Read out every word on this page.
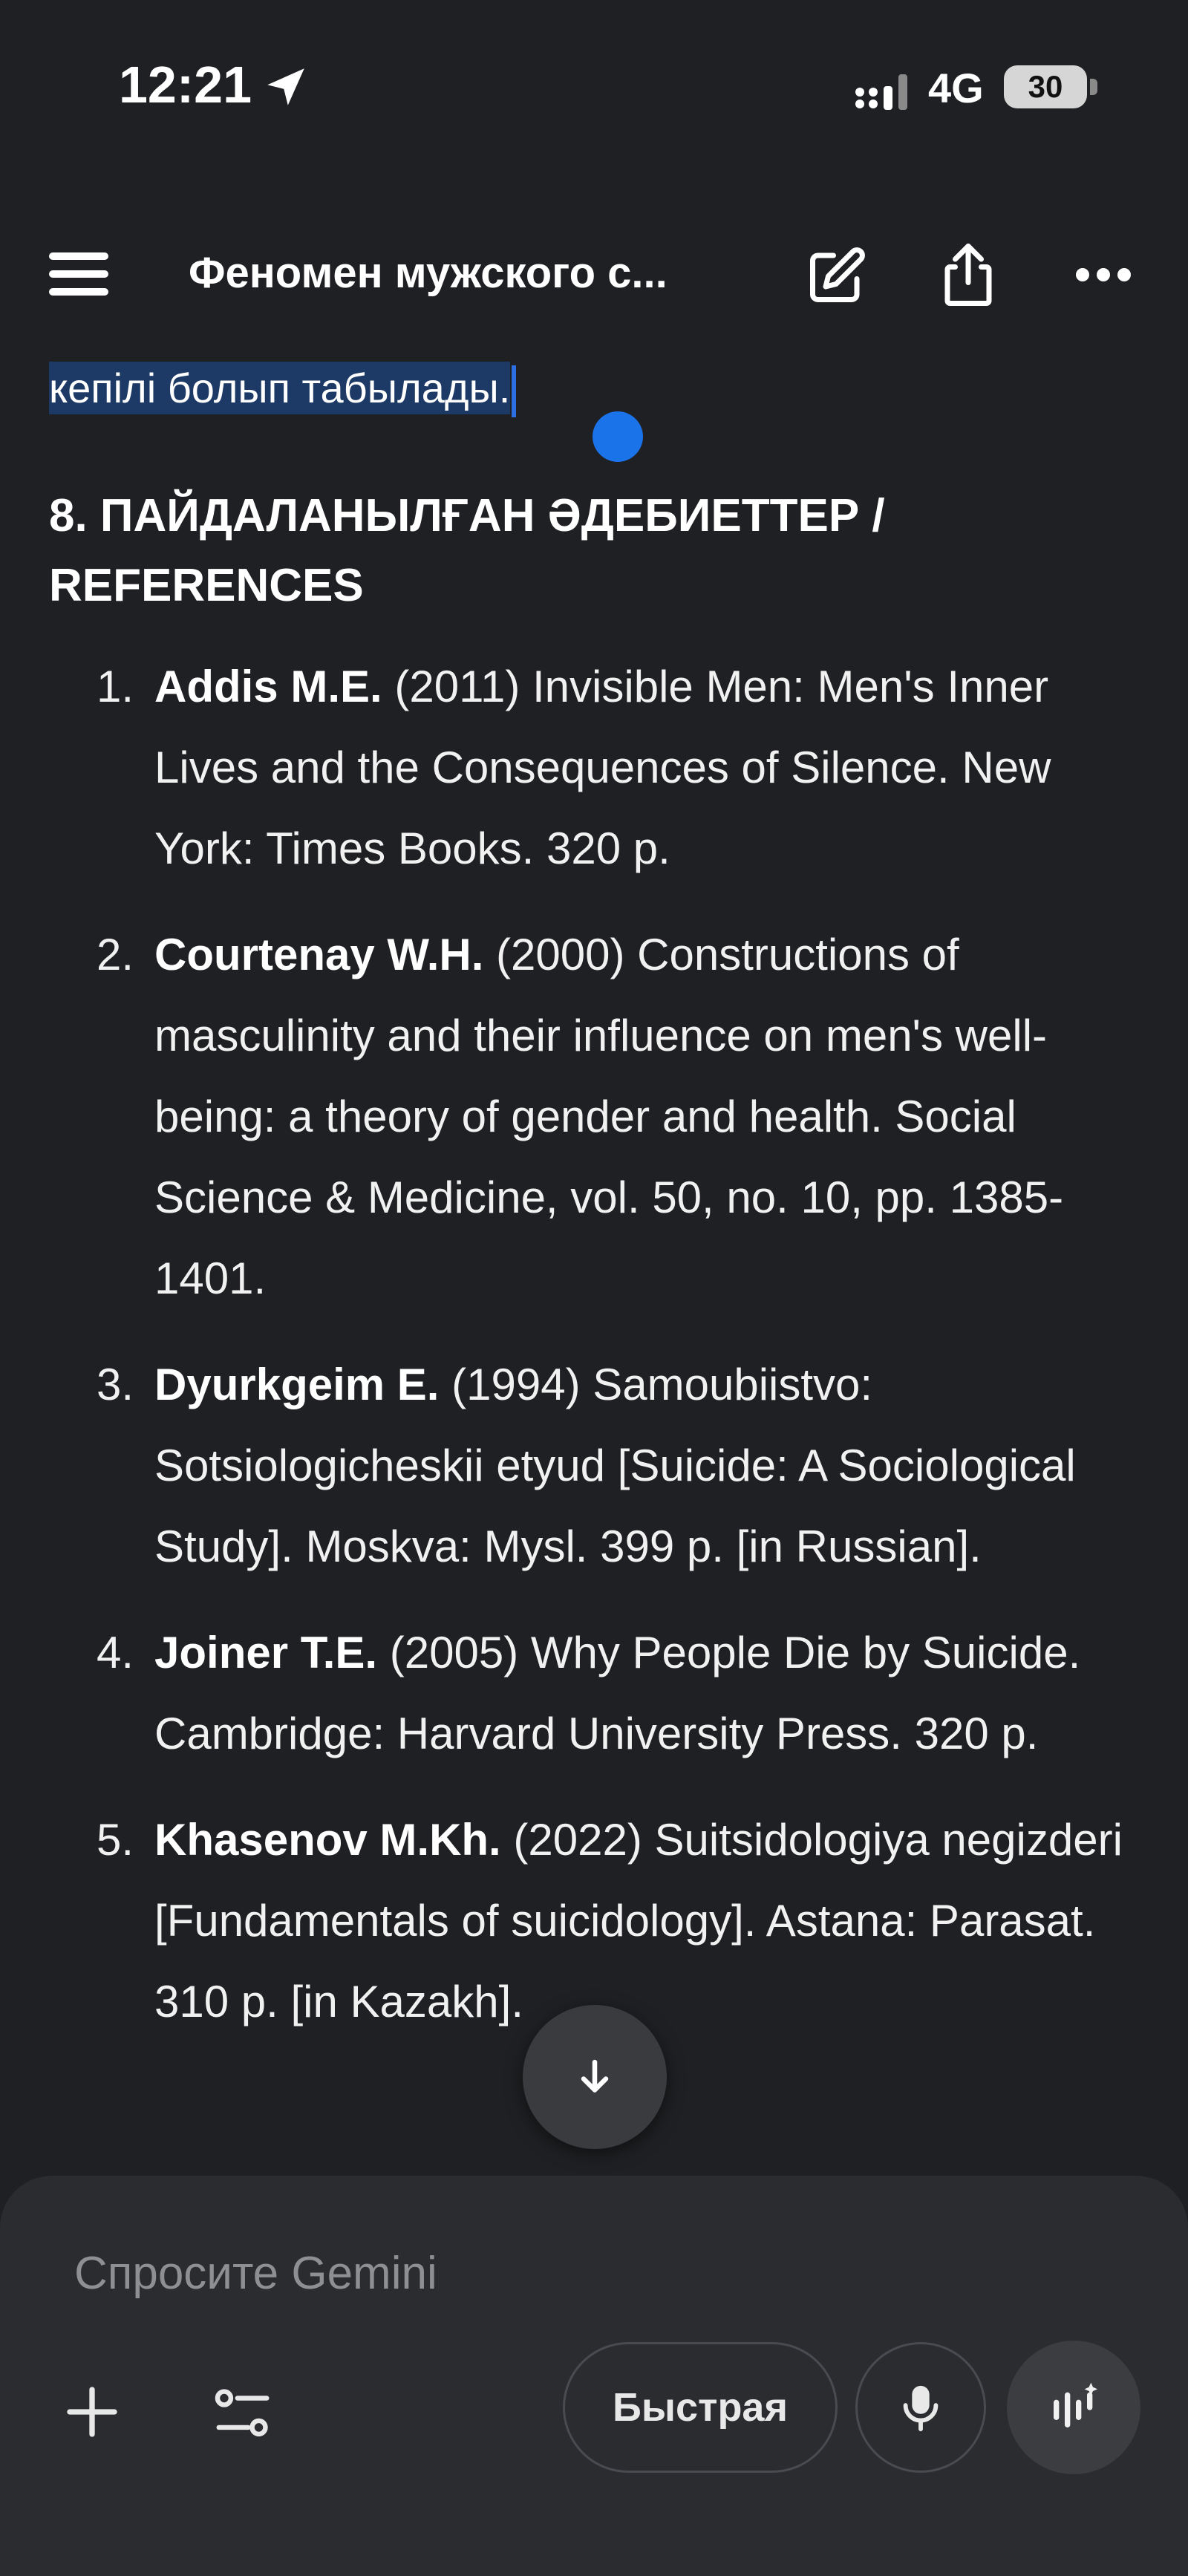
12:21	4G	30
Феномен мужского с...
кепілі болып табылады.
8. ПАЙДАЛАНЫЛҒАН ӘДЕБИЕТТЕР / REFERENCES
1. Addis M.E. (2011) Invisible Men: Men's Inner Lives and the Consequences of Silence. New York: Times Books. 320 p.
2. Courtenay W.H. (2000) Constructions of masculinity and their influence on men's well-being: a theory of gender and health. Social Science & Medicine, vol. 50, no. 10, pp. 1385-1401.
3. Dyurkgeim E. (1994) Samoubiistvo: Sotsiologicheskii etyud [Suicide: A Sociological Study]. Moskva: Mysl. 399 p. [in Russian].
4. Joiner T.E. (2005) Why People Die by Suicide. Cambridge: Harvard University Press. 320 p.
5. Khasenov M.Kh. (2022) Suitsidologiya negizderi [Fundamentals of suicidology]. Astana: Parasat. 310 p. [in Kazakh].
Спросите Gemini
Быстрая
